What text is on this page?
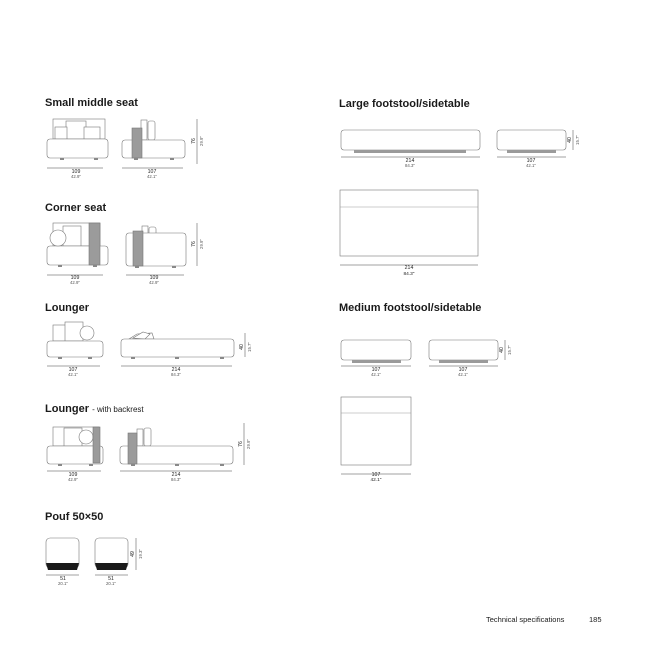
Small middle seat
Corner seat
Lounger
Lounger - with backrest
Pouf 50×50
Large footstool/sidetable
Medium footstool/sidetable
109
42.9"
107
42.1"
76 29.9"
109
42.9"
109
42.9"
76 29.9"
107
42.1"
214
84.3"
40 15.7"
109
42.9"
214
84.3"
76 29.9"
51
20.1"
51
20.1"
49 19.3"
214
84.3"
107
42.1"
214
84.3"
40 15.7"
107
42.1"
107
42.1"
107
42.1"
40 15.7"
Technical specifications	185
